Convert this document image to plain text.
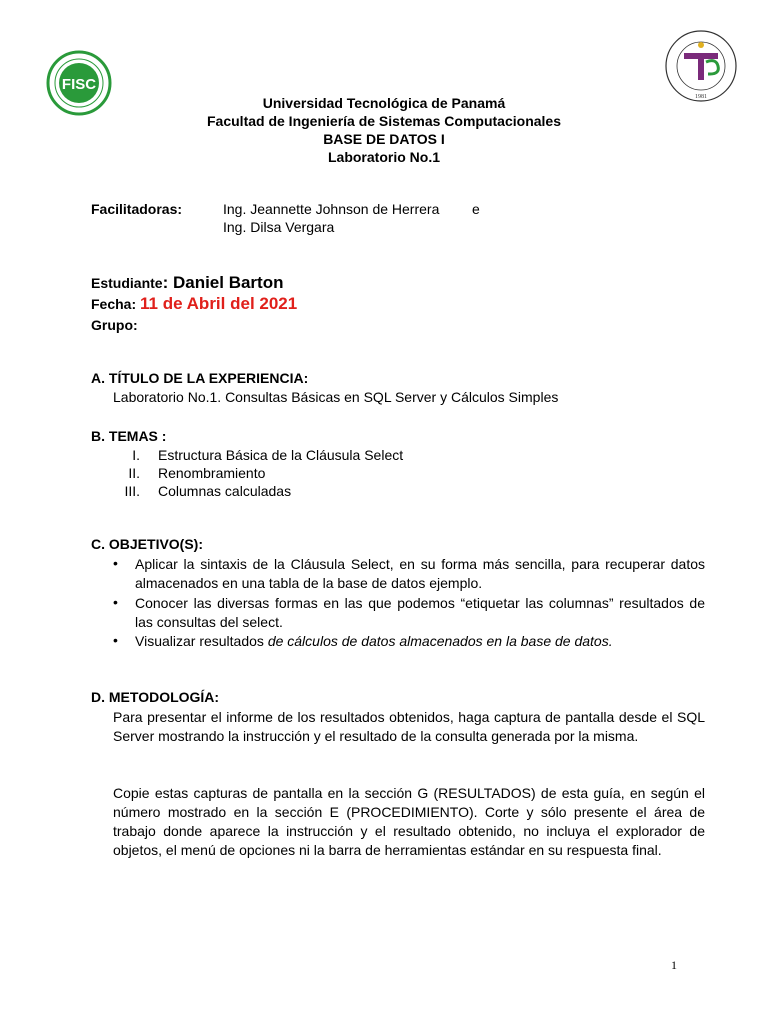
FISC
1981
Universidad Tecnológica de Panamá
Facultad de Ingeniería de Sistemas Computacionales
BASE DE DATOS I
Laboratorio No.1
Facilitadoras:	Ing. Jeannette Johnson de Herrera e
Ing. Dilsa Vergara
Estudiante: Daniel Barton
Fecha: 11 de Abril del 2021
Grupo:
A. TÍTULO DE LA EXPERIENCIA:
Laboratorio No.1. Consultas Básicas en SQL Server y Cálculos Simples
B. TEMAS :
I. Estructura Básica de la Cláusula Select
II. Renombramiento
III. Columnas calculadas
C. OBJETIVO(S):
• Aplicar la sintaxis de la Cláusula Select, en su forma más sencilla, para recuperar datos almacenados en una tabla de la base de datos ejemplo.
• Conocer las diversas formas en las que podemos “etiquetar las columnas” resultados de las consultas del select.
• Visualizar resultados de cálculos de datos almacenados en la base de datos.
D. METODOLOGÍA:
Para presentar el informe de los resultados obtenidos, haga captura de pantalla desde el SQL Server mostrando la instrucción y el resultado de la consulta generada por la misma.
Copie estas capturas de pantalla en la sección G (RESULTADOS) de esta guía, en según el número mostrado en la sección E (PROCEDIMIENTO). Corte y sólo presente el área de trabajo donde aparece la instrucción y el resultado obtenido, no incluya el explorador de objetos, el menú de opciones ni la barra de herramientas estándar en su respuesta final.
1
